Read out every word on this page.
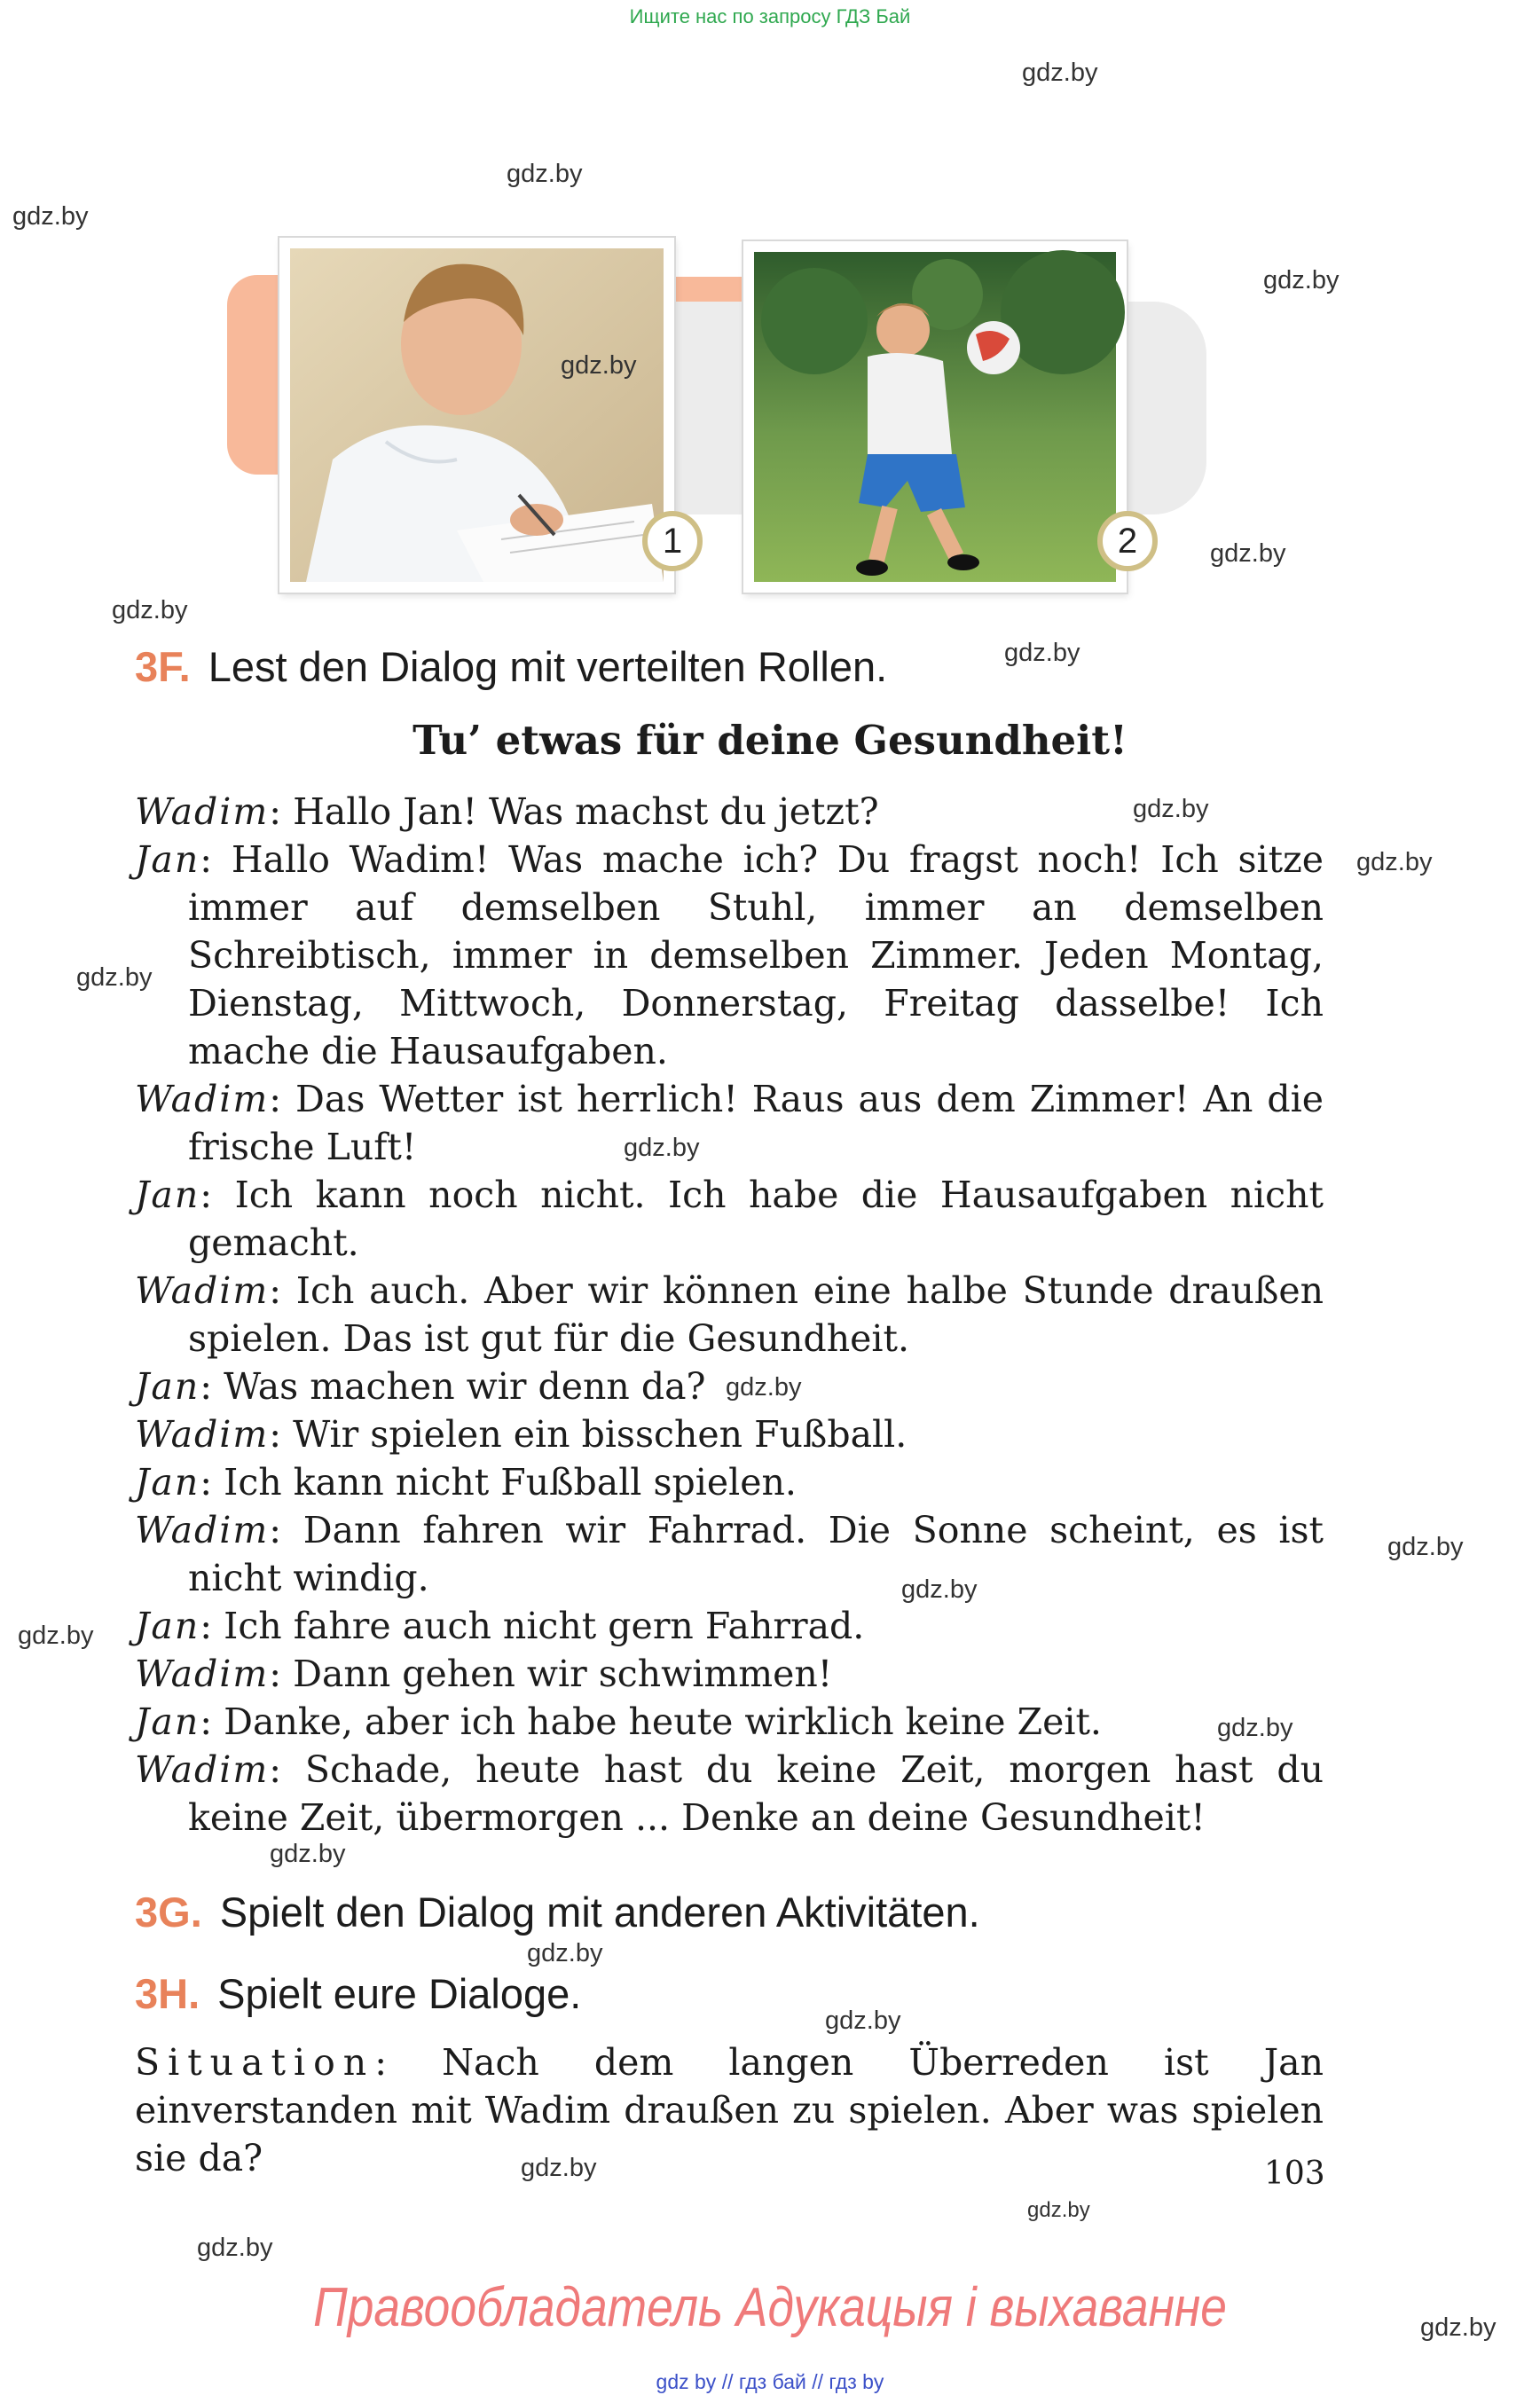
Ищите нас по запросу ГДЗ Бай
1	2
gdz.by
gdz.by
gdz.by
gdz.by
gdz.by
gdz.by
gdz.by
gdz.by
gdz.by
gdz.by
gdz.by
gdz.by
gdz.by
gdz.by
gdz.by
gdz.by
gdz.by
gdz.by
gdz.by
gdz.by
gdz.by
gdz.by
gdz.by
gdz.by
3F. Lest den Dialog mit verteilten Rollen.
Tu’ etwas für deine Gesundheit!

Wadim: Hallo Jan! Was machst du jetzt?

Jan: Hallo Wadim! Was mache ich? Du fragst noch! Ich sitze immer auf demselben Stuhl, immer an demselben Schreibtisch, immer in demselben Zimmer. Jeden Montag, Dienstag, Mittwoch, Donnerstag, Freitag dasselbe! Ich mache die Hausaufgaben.

Wadim: Das Wetter ist herrlich! Raus aus dem Zimmer! An die frische Luft!

Jan: Ich kann noch nicht. Ich habe die Hausaufgaben nicht gemacht.

Wadim: Ich auch. Aber wir können eine halbe Stunde draußen spielen. Das ist gut für die Gesundheit.

Jan: Was machen wir denn da?

Wadim: Wir spielen ein bisschen Fußball.

Jan: Ich kann nicht Fußball spielen.

Wadim: Dann fahren wir Fahrrad. Die Sonne scheint, es ist nicht windig.

Jan: Ich fahre auch nicht gern Fahrrad.

Wadim: Dann gehen wir schwimmen!

Jan: Danke, aber ich habe heute wirklich keine Zeit.

Wadim: Schade, heute hast du keine Zeit, morgen hast du keine Zeit, übermorgen ... Denke an deine Gesundheit!

3G. Spielt den Dialog mit anderen Aktivitäten.
3H. Spielt eure Dialoge.
Situation: Nach dem langen Überreden ist Jan einverstanden mit Wadim draußen zu spielen. Aber was spielen sie da?	103
Правообладатель Адукацыя і выхаванне
gdz by // гдз бай // гдз by
